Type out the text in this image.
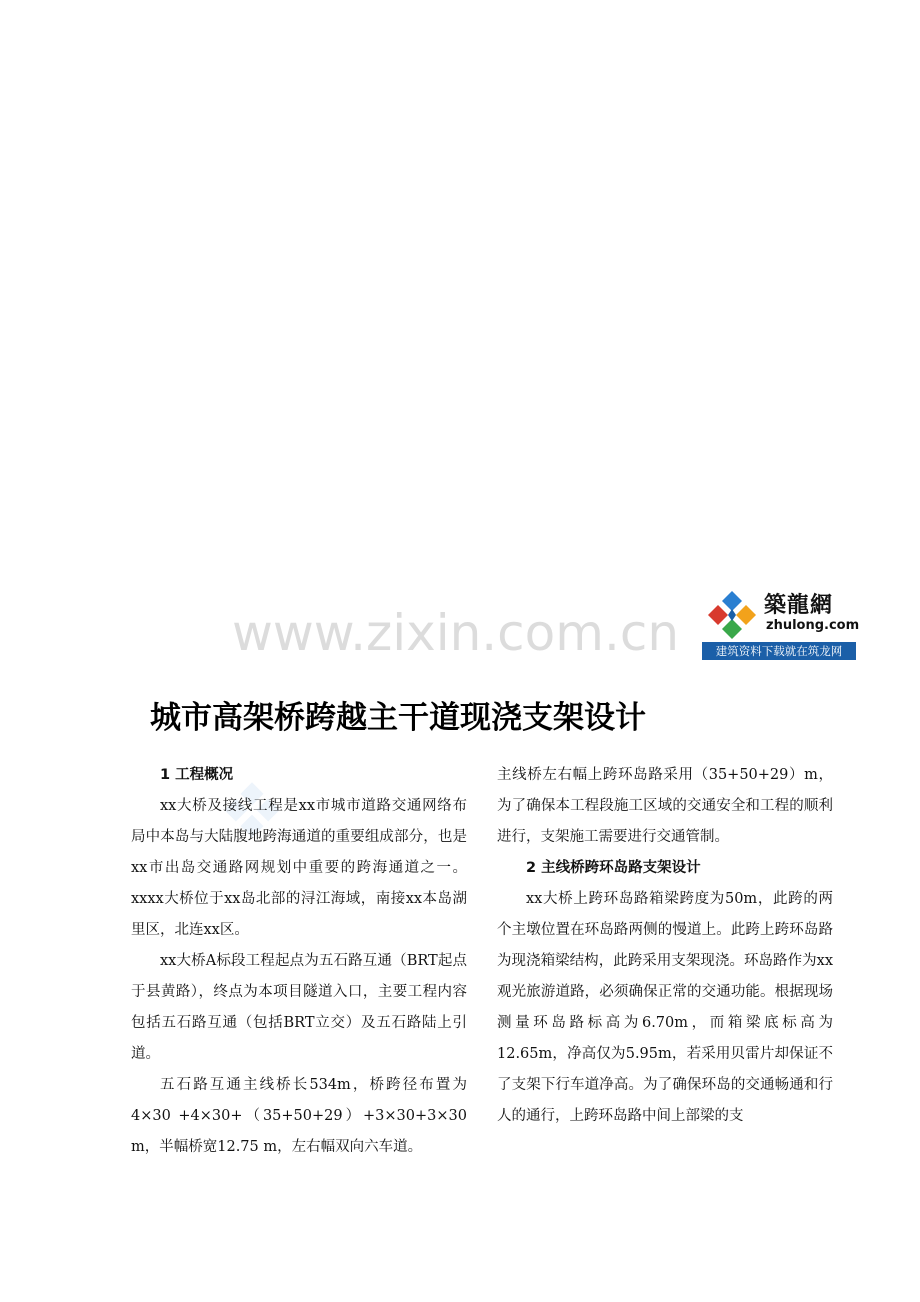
www.zixin.com.cn	築龍網
zhulong.com
建筑资料下载就在筑龙网
城市高架桥跨越主干道现浇支架设计
1 工程概况

xx大桥及接线工程是xx市城市道路交通网络布局中本岛与大陆腹地跨海通道的重要组成部分，也是xx市出岛交通路网规划中重要的跨海通道之一。xxxx大桥位于xx岛北部的浔江海域，南接xx本岛湖里区，北连xx区。

xx大桥A标段工程起点为五石路互通（BRT起点于县黄路），终点为本项目隧道入口，主要工程内容包括五石路互通（包括BRT立交）及五石路陆上引道。

五石路互通主线桥长534m，桥跨径布置为4×30 +4×30+（35+50+29）+3×30+3×30 m，半幅桥宽12.75 m，左右幅双向六车道。

主线桥左右幅上跨环岛路采用（35+50+29）m，为了确保本工程段施工区域的交通安全和工程的顺利进行，支架施工需要进行交通管制。

2 主线桥跨环岛路支架设计

xx大桥上跨环岛路箱梁跨度为50m，此跨的两个主墩位置在环岛路两侧的慢道上。此跨上跨环岛路为现浇箱梁结构，此跨采用支架现浇。环岛路作为xx观光旅游道路，必须确保正常的交通功能。根据现场测量环岛路标高为6.70m，而箱梁底标高为12.65m，净高仅为5.95m，若采用贝雷片却保证不了支架下行车道净高。为了确保环岛的交通畅通和行人的通行，上跨环岛路中间上部梁的支
